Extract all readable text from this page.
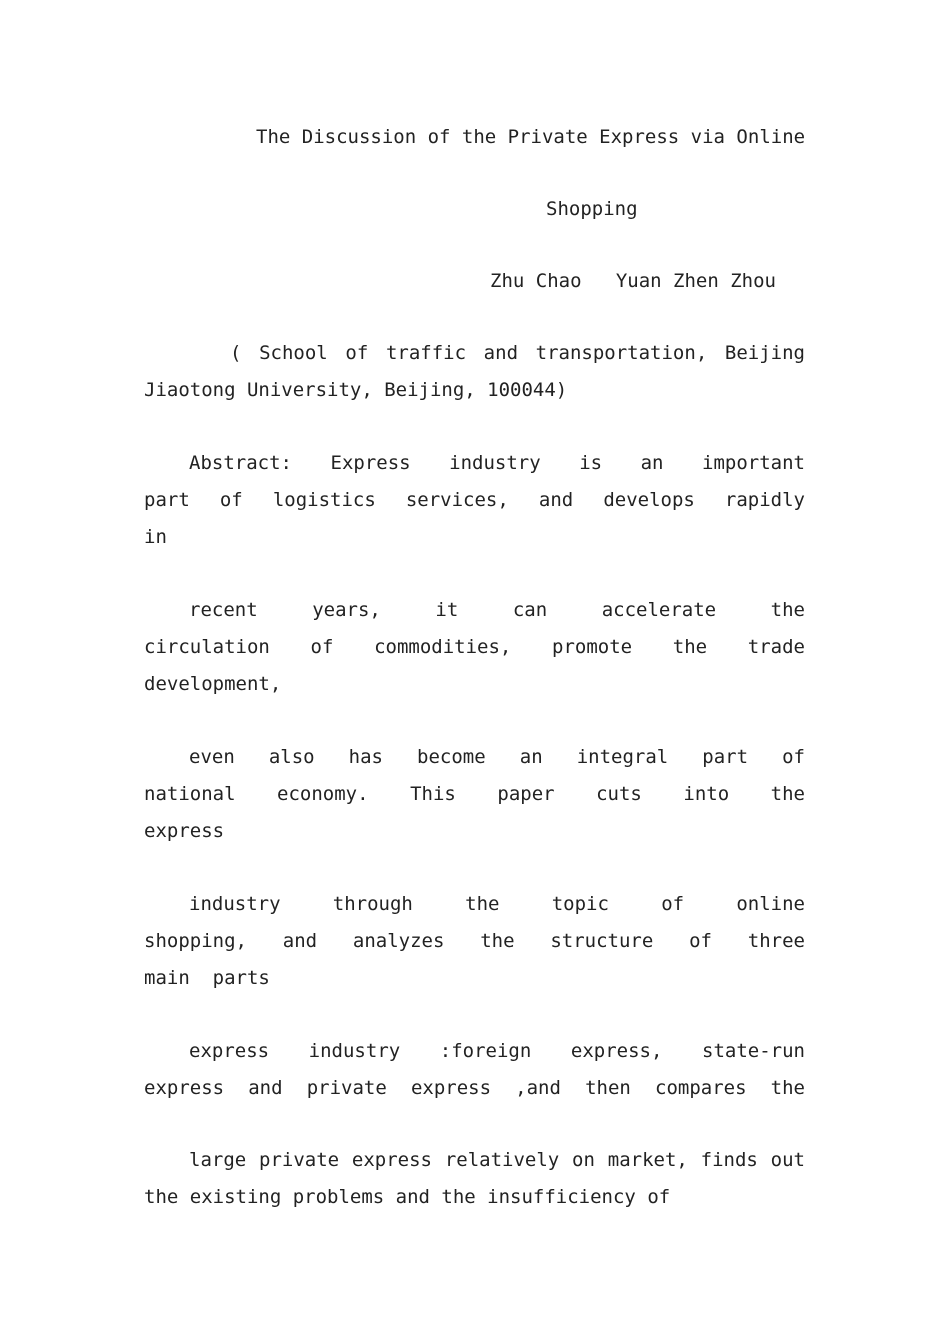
The Discussion of the Private Express via Online
Shopping
Zhu Chao   Yuan Zhen Zhou
( School of traffic and transportation, Beijing
Jiaotong University, Beijing, 100044)
Abstract: Express industry is an important
part of logistics services, and develops rapidly
in
recent years, it can accelerate the
circulation of commodities, promote the trade
development,
even also has become an integral part of
national economy. This paper cuts into the
express
industry through the topic of online
shopping, and analyzes the structure of three
main  parts
express industry :foreign express, state-run
express and private express ,and then compares the
large private express relatively on market, finds out
the existing problems and the insufficiency of
